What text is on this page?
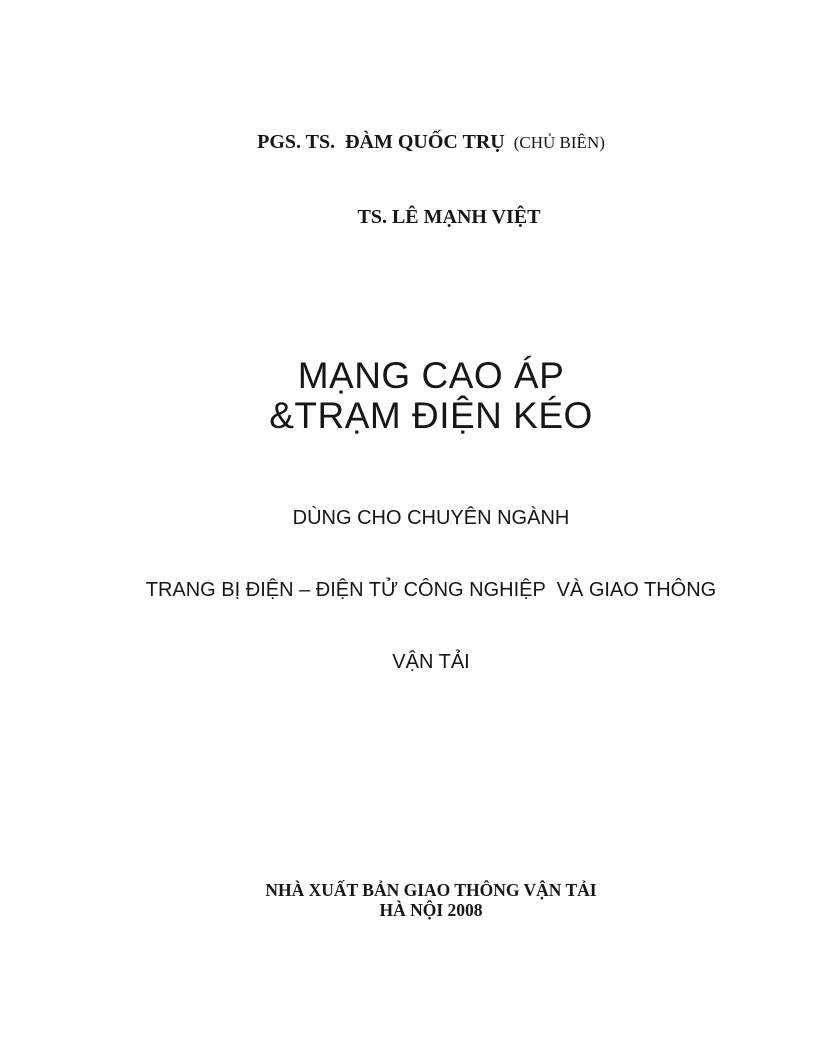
PGS. TS.  ĐÀM QUỐC TRỤ (CHỦ BIÊN)

TS. LÊ MẠNH VIỆT

MẠNG CAO ÁP
&TRẠM ĐIỆN KÉO

DÙNG CHO CHUYÊN NGÀNH

TRANG BỊ ĐIỆN – ĐIỆN TỬ CÔNG NGHIỆP  VÀ GIAO THÔNG

VẬN TẢI

NHÀ XUẤT BẢN GIAO THÔNG VẬN TẢI
HÀ NỘI 2008
